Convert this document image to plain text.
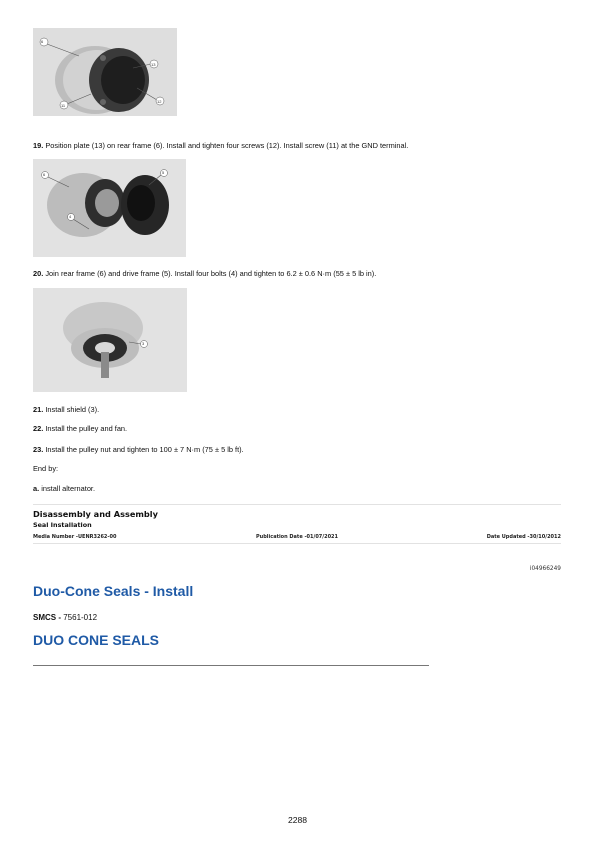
6
13
12
11
19. Position plate (13) on rear frame (6). Install and tighten four screws (12). Install screw (11) at the GND terminal.
6	5
4
20. Join rear frame (6) and drive frame (5). Install four bolts (4) and tighten to 6.2 ± 0.6 N·m (55 ± 5 lb in).
3
21. Install shield (3).
22. Install the pulley and fan.
23. Install the pulley nut and tighten to 100 ± 7 N·m (75 ± 5 lb ft).
End by:
a. install alternator.
Disassembly and Assembly
Seal Installation
Media Number -UENR3262-00	Publication Date -01/07/2021	Date Updated -30/10/2012
i04966249
Duo-Cone Seals - Install
SMCS - 7561-012
DUO CONE SEALS
2288
